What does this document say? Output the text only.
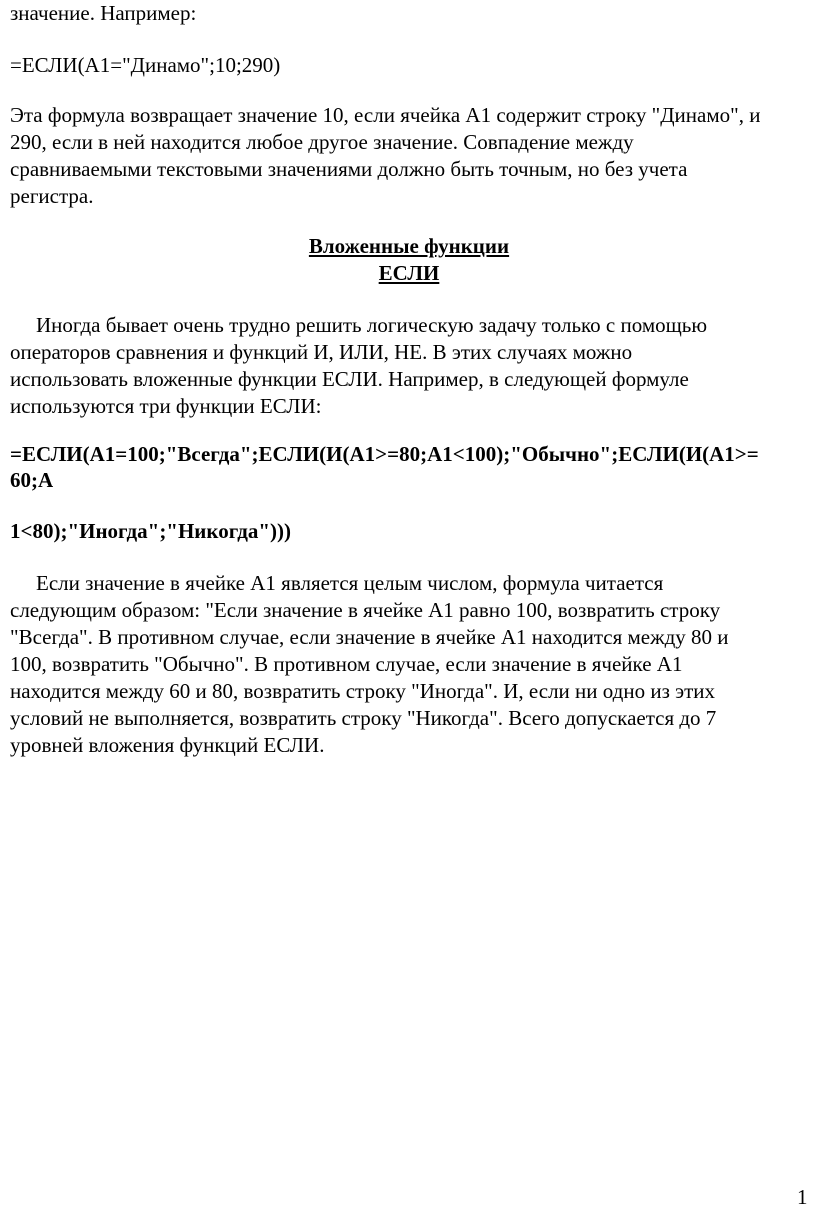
значение. Например:
=ЕСЛИ(А1="Динамо";10;290)
Эта формула возвращает значение 10, если ячейка А1 содержит строку "Динамо", и
290, если в ней находится любое другое значение. Совпадение между
сравниваемыми текстовыми значениями должно быть точным, но без учета
регистра.
Вложенные функции
ЕСЛИ
Иногда бывает очень трудно решить логическую задачу только с помощью
операторов сравнения и функций И, ИЛИ, НЕ. В этих случаях можно
использовать вложенные функции ЕСЛИ. Например, в следующей формуле
используются три функции ЕСЛИ:
=ЕСЛИ(А1=100;"Всегда";ЕСЛИ(И(А1>=80;А1<100);"Обычно";ЕСЛИ(И(А1>=
60;А
1<80);"Иногда";"Никогда")))
Если значение в ячейке А1 является целым числом, формула читается
следующим образом: "Если значение в ячейке А1 равно 100, возвратить строку
"Всегда". В противном случае, если значение в ячейке А1 находится между 80 и
100, возвратить "Обычно". В противном случае, если значение в ячейке А1
находится между 60 и 80, возвратить строку "Иногда". И, если ни одно из этих
условий не выполняется, возвратить строку "Никогда". Всего допускается до 7
уровней вложения функций ЕСЛИ.
1
